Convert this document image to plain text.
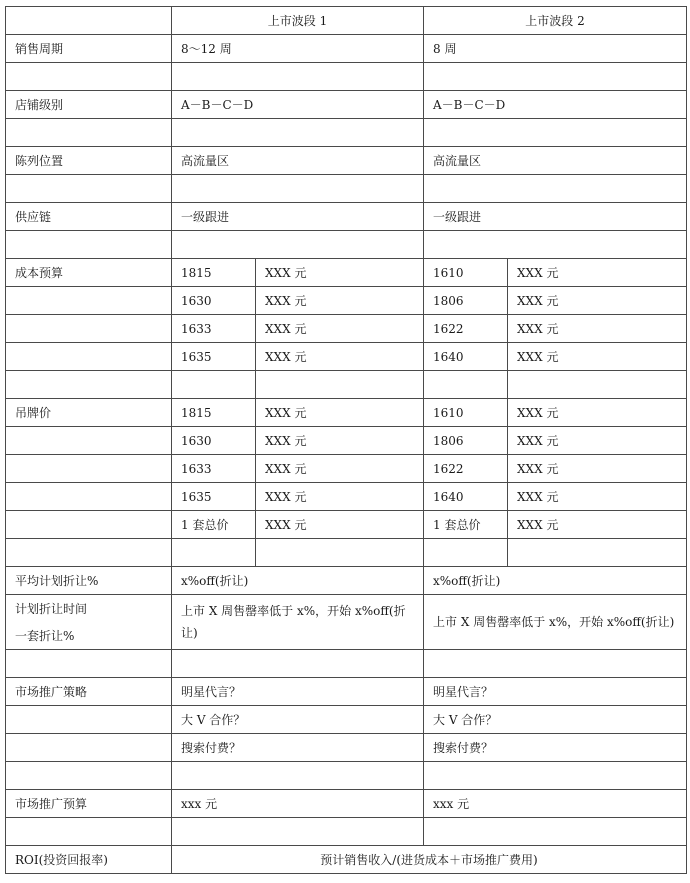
	上市波段 1		上市波段 2	
销售周期	8～12 周		8 周	

店铺级别	A－B－C－D		A－B－C－D	

陈列位置	高流量区		高流量区	

供应链	一级跟进		一级跟进	

成本预算	1815	XXX 元	1610	XXX 元
	1630	XXX 元	1806	XXX 元
	1633	XXX 元	1622	XXX 元
	1635	XXX 元	1640	XXX 元

吊牌价	1815	XXX 元	1610	XXX 元
	1630	XXX 元	1806	XXX 元
	1633	XXX 元	1622	XXX 元
	1635	XXX 元	1640	XXX 元
	1 套总价	XXX 元	1 套总价	XXX 元

平均计划折让%	x%off(折让)		x%off(折让)	
计划折让时间	上市 X 周售罄率低于 x%，开始 x%off(折让)		上市 X 周售罄率低于 x%，开始 x%off(折让)	
一套折让%				

市场推广策略	明星代言？		明星代言？	
	大 V 合作？		大 V 合作？	
	搜索付费？		搜索付费？	

市场推广预算	xxx 元		xxx 元	

ROI(投资回报率)	预计销售收入/(进货成本＋市场推广费用)			
